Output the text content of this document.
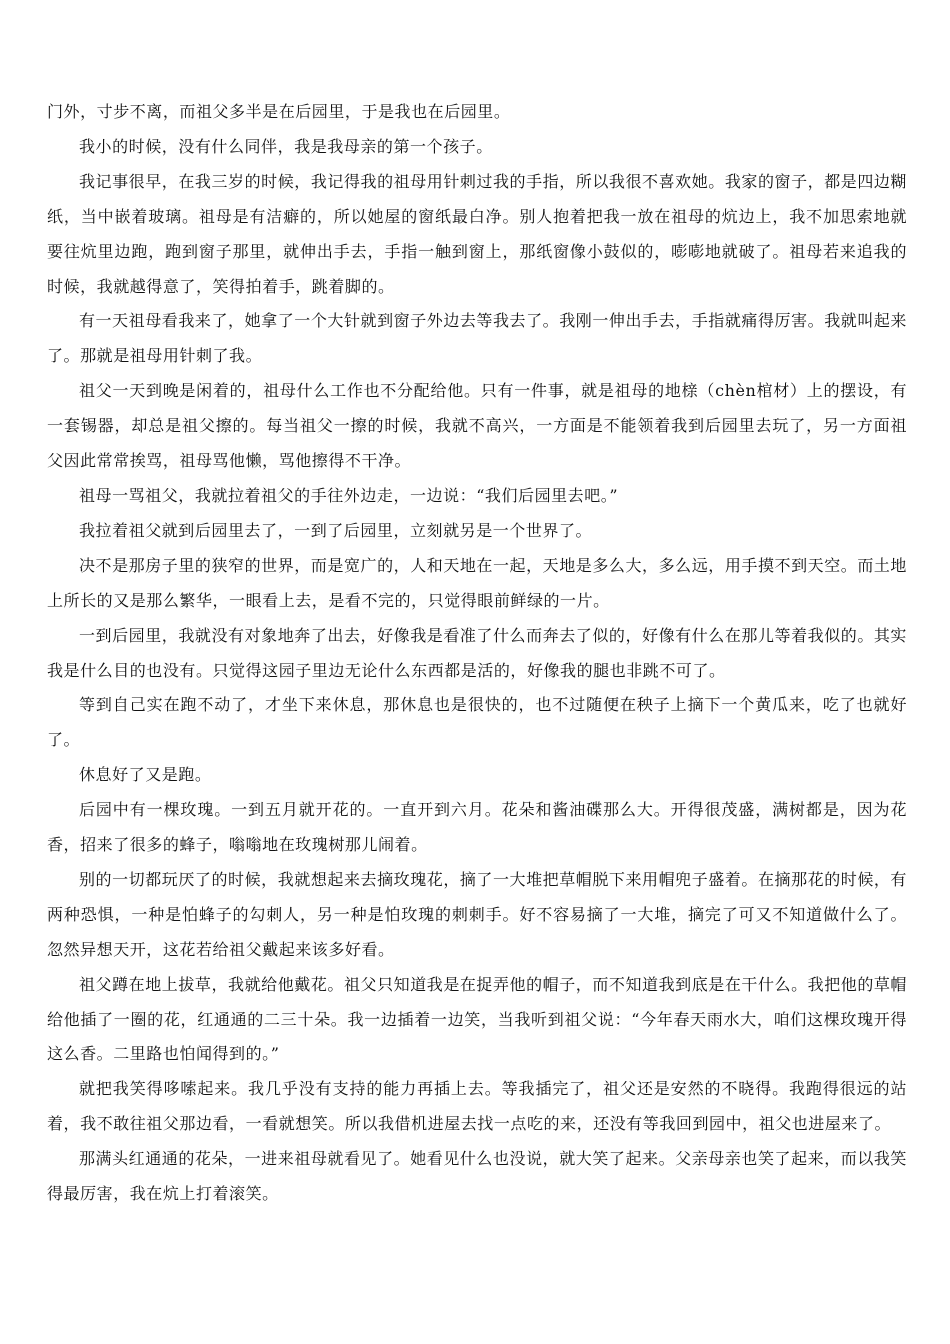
门外，寸步不离，而祖父多半是在后园里，于是我也在后园里。

我小的时候，没有什么同伴，我是我母亲的第一个孩子。

我记事很早，在我三岁的时候，我记得我的祖母用针刺过我的手指，所以我很不喜欢她。我家的窗子，都是四边糊纸，当中嵌着玻璃。祖母是有洁癖的，所以她屋的窗纸最白净。别人抱着把我一放在祖母的炕边上，我不加思索地就要往炕里边跑，跑到窗子那里，就伸出手去，手指一触到窗上，那纸窗像小鼓似的，嘭嘭地就破了。祖母若来追我的时候，我就越得意了，笑得拍着手，跳着脚的。

有一天祖母看我来了，她拿了一个大针就到窗子外边去等我去了。我刚一伸出手去，手指就痛得厉害。我就叫起来了。那就是祖母用针刺了我。

祖父一天到晚是闲着的，祖母什么工作也不分配给他。只有一件事，就是祖母的地榇（chèn棺材）上的摆设，有一套锡器，却总是祖父擦的。每当祖父一擦的时候，我就不高兴，一方面是不能领着我到后园里去玩了，另一方面祖父因此常常挨骂，祖母骂他懒，骂他擦得不干净。

祖母一骂祖父，我就拉着祖父的手往外边走，一边说：“我们后园里去吧。”

我拉着祖父就到后园里去了，一到了后园里，立刻就另是一个世界了。

决不是那房子里的狭窄的世界，而是宽广的，人和天地在一起，天地是多么大，多么远，用手摸不到天空。而土地上所长的又是那么繁华，一眼看上去，是看不完的，只觉得眼前鲜绿的一片。

一到后园里，我就没有对象地奔了出去，好像我是看准了什么而奔去了似的，好像有什么在那儿等着我似的。其实我是什么目的也没有。只觉得这园子里边无论什么东西都是活的，好像我的腿也非跳不可了。

等到自己实在跑不动了，才坐下来休息，那休息也是很快的，也不过随便在秧子上摘下一个黄瓜来，吃了也就好了。

休息好了又是跑。

后园中有一棵玫瑰。一到五月就开花的。一直开到六月。花朵和酱油碟那么大。开得很茂盛，满树都是，因为花香，招来了很多的蜂子，嗡嗡地在玫瑰树那儿闹着。

别的一切都玩厌了的时候，我就想起来去摘玫瑰花，摘了一大堆把草帽脱下来用帽兜子盛着。在摘那花的时候，有两种恐惧，一种是怕蜂子的勾刺人，另一种是怕玫瑰的刺刺手。好不容易摘了一大堆，摘完了可又不知道做什么了。忽然异想天开，这花若给祖父戴起来该多好看。

祖父蹲在地上拔草，我就给他戴花。祖父只知道我是在捉弄他的帽子，而不知道我到底是在干什么。我把他的草帽给他插了一圈的花，红通通的二三十朵。我一边插着一边笑，当我听到祖父说：“今年春天雨水大，咱们这棵玫瑰开得这么香。二里路也怕闻得到的。”

就把我笑得哆嗦起来。我几乎没有支持的能力再插上去。等我插完了，祖父还是安然的不晓得。我跑得很远的站着，我不敢往祖父那边看，一看就想笑。所以我借机进屋去找一点吃的来，还没有等我回到园中，祖父也进屋来了。

那满头红通通的花朵，一进来祖母就看见了。她看见什么也没说，就大笑了起来。父亲母亲也笑了起来，而以我笑得最厉害，我在炕上打着滚笑。
